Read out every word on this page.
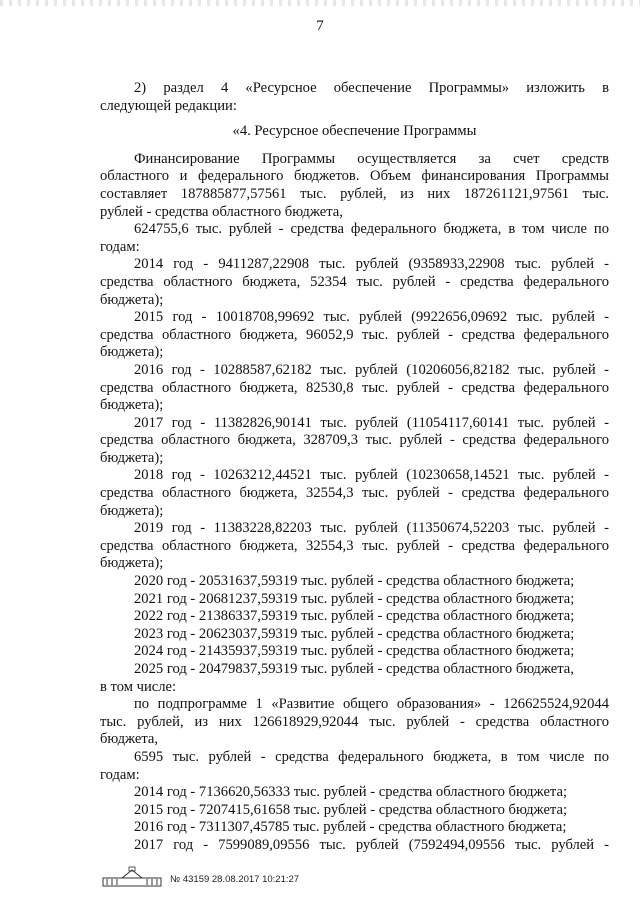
7
2) раздел 4 «Ресурсное обеспечение Программы» изложить в
следующей редакции:
«4. Ресурсное обеспечение Программы
Финансирование Программы осуществляется за счет средств
областного и федерального бюджетов. Объем финансирования Программы
составляет 187885877,57561 тыс. рублей, из них 187261121,97561 тыс.
рублей - средства областного бюджета,
624755,6 тыс. рублей - средства федерального бюджета, в том числе по
годам:
2014 год - 9411287,22908 тыс. рублей (9358933,22908 тыс. рублей -
средства областного бюджета, 52354 тыс. рублей - средства федерального
бюджета);
2015 год - 10018708,99692 тыс. рублей (9922656,09692 тыс. рублей -
средства областного бюджета, 96052,9 тыс. рублей - средства федерального
бюджета);
2016 год - 10288587,62182 тыс. рублей (10206056,82182 тыс. рублей -
средства областного бюджета, 82530,8 тыс. рублей - средства федерального
бюджета);
2017 год - 11382826,90141 тыс. рублей (11054117,60141 тыс. рублей -
средства областного бюджета, 328709,3 тыс. рублей - средства федерального
бюджета);
2018 год - 10263212,44521 тыс. рублей (10230658,14521 тыс. рублей -
средства областного бюджета, 32554,3 тыс. рублей - средства федерального
бюджета);
2019 год - 11383228,82203 тыс. рублей (11350674,52203 тыс. рублей -
средства областного бюджета, 32554,3 тыс. рублей - средства федерального
бюджета);
2020 год - 20531637,59319 тыс. рублей - средства областного бюджета;
2021 год - 20681237,59319 тыс. рублей - средства областного бюджета;
2022 год - 21386337,59319 тыс. рублей - средства областного бюджета;
2023 год - 20623037,59319 тыс. рублей - средства областного бюджета;
2024 год - 21435937,59319 тыс. рублей - средства областного бюджета;
2025 год - 20479837,59319 тыс. рублей - средства областного бюджета,
в том числе:
по подпрограмме 1 «Развитие общего образования» - 126625524,92044
тыс. рублей, из них 126618929,92044 тыс. рублей - средства областного
бюджета,
6595 тыс. рублей - средства федерального бюджета, в том числе по
годам:
2014 год - 7136620,56333 тыс. рублей - средства областного бюджета;
2015 год - 7207415,61658 тыс. рублей - средства областного бюджета;
2016 год - 7311307,45785 тыс. рублей - средства областного бюджета;
2017 год - 7599089,09556 тыс. рублей (7592494,09556 тыс. рублей -
№ 43159 28.08.2017 10:21:27
